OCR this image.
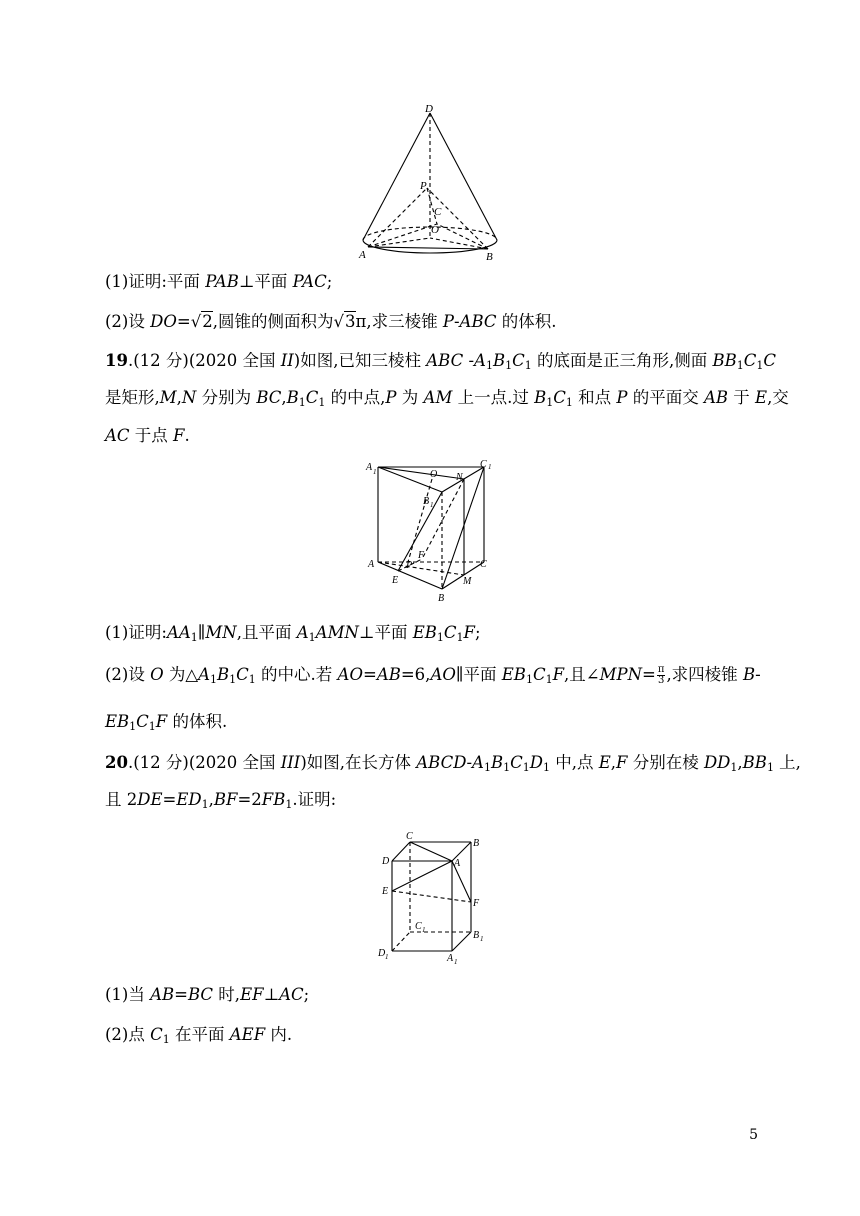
D
P
C
O
A	B
(1)证明:平面 PAB⊥平面 PAC;
(2)设 DO=√2,圆锥的侧面积为√3π,求三棱锥 P-ABC 的体积.
19.(12 分)(2020 全国 II)如图,已知三棱柱 ABC $-A_1B_1C_1$ 的底面是正三角形,侧面 $BB_1C_1C$
是矩形,M,N 分别为 $BC,B_1C_1$ 的中点,P 为 AM 上一点.过 $B_1C_1$ 和点 P 的平面交 AB 于 E,交
AC 于点 F.
A 1	O N
C 1
B 1
F
P
A
E
C
M
B
(1)证明$:AA_1\parallel MN$,且平面 $A_1AMN\perp$平面 $EB_1C_1F$;
(2)设 O 为$\triangle A_1B_1C_1$ 的中心.若 AO=AB=6,AO∥平面 $EB_1C_1F$,且∠MPN= $\frac{\pi}{3}$ ,求四棱锥 B-
$EB_1C_1F$ 的体积.
20.(12 分)(2020 全国 III)如图,在长方体 ABCD-$A_1B_1C_1D_1$ 中,点 E,F 分别在棱 $DD_1,BB_1$ 上,
且 $2DE=ED_1,BF=2FB_1$.证明:
C
B
D	A
E
F
C 1	B 1
D 1	A 1
(1)当 AB=BC 时,EF⊥AC;
(2)点 $C_1$ 在平面 AEF 内.
5
